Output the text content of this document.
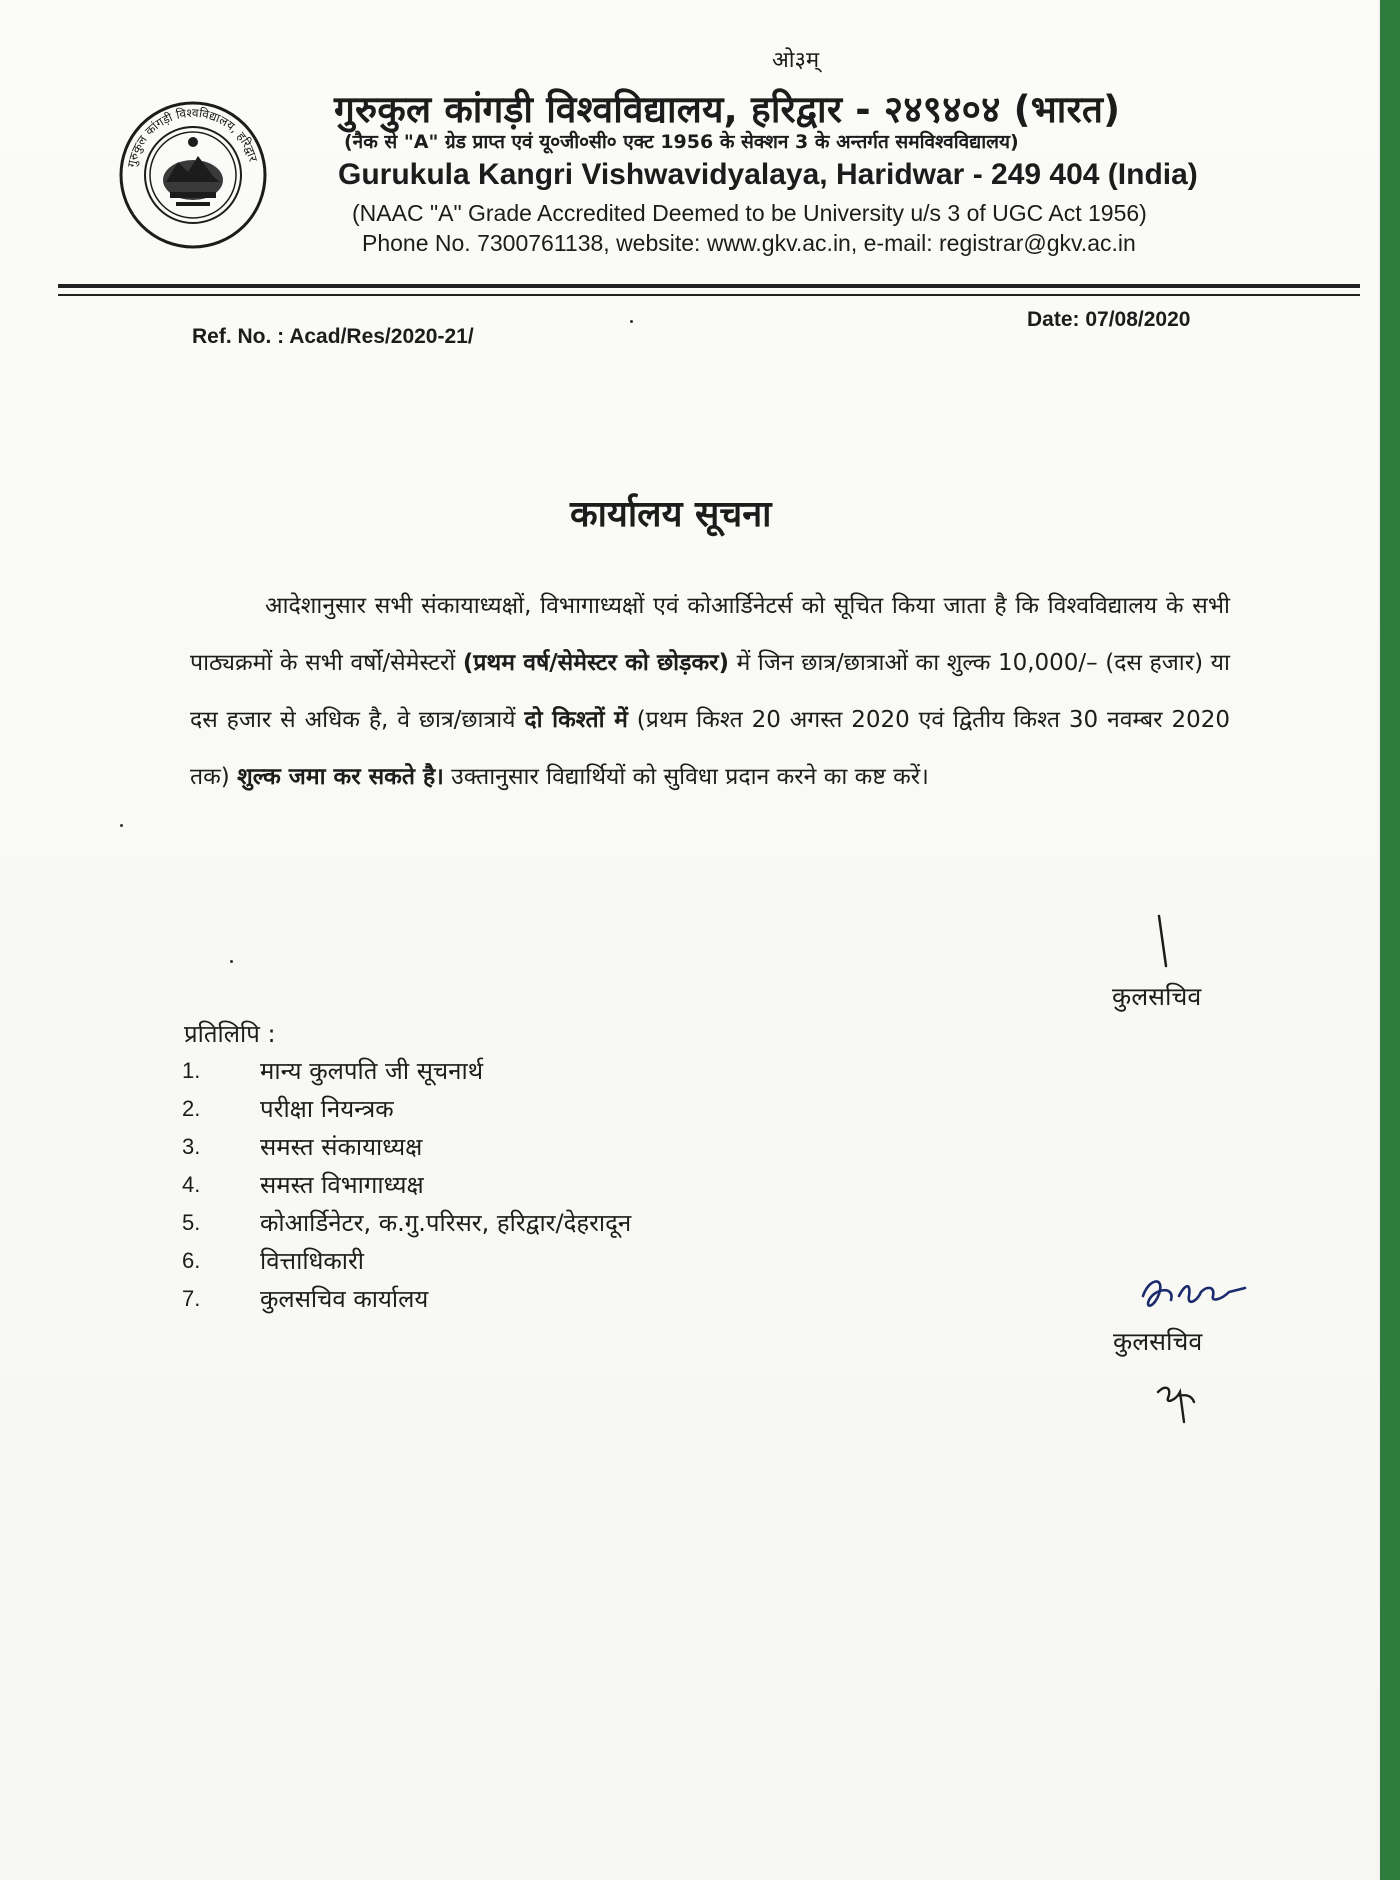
गुरुकुल कांगड़ी विश्वविद्यालय, हरिद्वार
ओ३म्
गुरुकुल कांगड़ी विश्वविद्यालय, हरिद्वार - २४९४०४ (भारत)
(नैक से "A" ग्रेड प्राप्त एवं यू०जी०सी० एक्ट 1956 के सेक्शन 3 के अन्तर्गत समविश्वविद्यालय)
Gurukula Kangri Vishwavidyalaya, Haridwar - 249 404 (India)
(NAAC "A" Grade Accredited Deemed to be University u/s 3 of UGC Act 1956)
Phone No. 7300761138, website: www.gkv.ac.in, e-mail: registrar@gkv.ac.in
Ref. No. : Acad/Res/2020-21/
Date: 07/08/2020
कार्यालय सूचना
आदेशानुसार सभी संकायाध्यक्षों, विभागाध्यक्षों एवं कोआर्डिनेटर्स को सूचित किया जाता है कि विश्वविद्यालय के सभी पाठ्यक्रमों के सभी वर्षो/सेमेस्टरों (प्रथम वर्ष/सेमेस्टर को छोड़कर) में जिन छात्र/छात्राओं का शुल्क 10,000/– (दस हजार) या दस हजार से अधिक है, वे छात्र/छात्रायें दो किश्तों में (प्रथम किश्त 20 अगस्त 2020 एवं द्वितीय किश्त 30 नवम्बर 2020 तक) शुल्क जमा कर सकते है। उक्तानुसार विद्यार्थियों को सुविधा प्रदान करने का कष्ट करें।
कुलसचिव
प्रतिलिपि :
1. मान्य कुलपति जी सूचनार्थ
2. परीक्षा नियन्त्रक
3. समस्त संकायाध्यक्ष
4. समस्त विभागाध्यक्ष
5. कोआर्डिनेटर, क.गु.परिसर, हरिद्वार/देहरादून
6. वित्ताधिकारी
7. कुलसचिव कार्यालय
कुलसचिव
